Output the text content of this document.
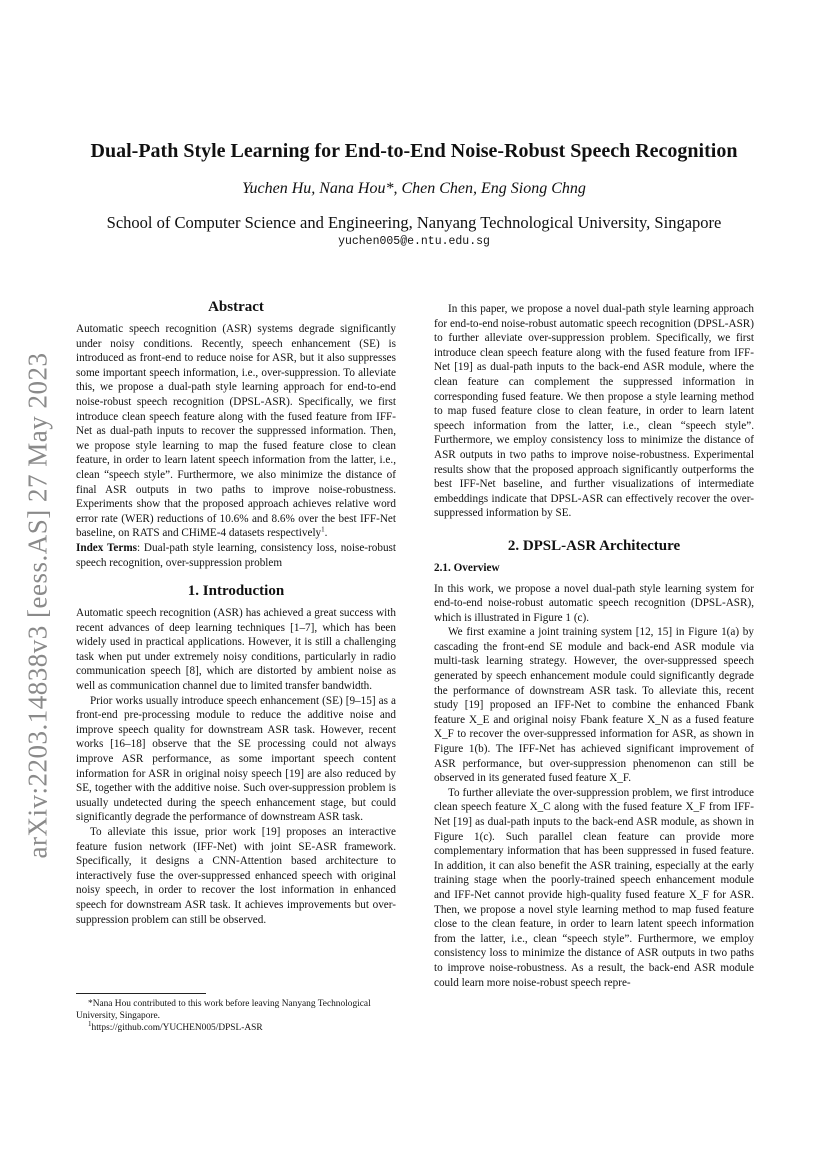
arXiv:2203.14838v3 [eess.AS] 27 May 2023
Dual-Path Style Learning for End-to-End Noise-Robust Speech Recognition
Yuchen Hu, Nana Hou*, Chen Chen, Eng Siong Chng
School of Computer Science and Engineering, Nanyang Technological University, Singapore
yuchen005@e.ntu.edu.sg
Abstract

Automatic speech recognition (ASR) systems degrade significantly under noisy conditions. Recently, speech enhancement (SE) is introduced as front-end to reduce noise for ASR, but it also suppresses some important speech information, i.e., over-suppression. To alleviate this, we propose a dual-path style learning approach for end-to-end noise-robust speech recognition (DPSL-ASR). Specifically, we first introduce clean speech feature along with the fused feature from IFF-Net as dual-path inputs to recover the suppressed information. Then, we propose style learning to map the fused feature close to clean feature, in order to learn latent speech information from the latter, i.e., clean “speech style”. Furthermore, we also minimize the distance of final ASR outputs in two paths to improve noise-robustness. Experiments show that the proposed approach achieves relative word error rate (WER) reductions of 10.6% and 8.6% over the best IFF-Net baseline, on RATS and CHiME-4 datasets respectively$^1$.

Index Terms: Dual-path style learning, consistency loss, noise-robust speech recognition, over-suppression problem

1. Introduction

Automatic speech recognition (ASR) has achieved a great success with recent advances of deep learning techniques [1–7], which has been widely used in practical applications. However, it is still a challenging task when put under extremely noisy conditions, particularly in radio communication speech [8], which are distorted by ambient noise as well as communication channel due to limited transfer bandwidth.

Prior works usually introduce speech enhancement (SE) [9–15] as a front-end pre-processing module to reduce the additive noise and improve speech quality for downstream ASR task. However, recent works [16–18] observe that the SE processing could not always improve ASR performance, as some important speech content information for ASR in original noisy speech [19] are also reduced by SE, together with the additive noise. Such over-suppression problem is usually undetected during the speech enhancement stage, but could significantly degrade the performance of downstream ASR task.

To alleviate this issue, prior work [19] proposes an interactive feature fusion network (IFF-Net) with joint SE-ASR framework. Specifically, it designs a CNN-Attention based architecture to interactively fuse the over-suppressed enhanced speech with original noisy speech, in order to recover the lost information in enhanced speech for downstream ASR task. It achieves improvements but over-suppression problem can still be observed.

*Nana Hou contributed to this work before leaving Nanyang Technological University, Singapore.

$^1$https://github.com/YUCHEN005/DPSL-ASR

In this paper, we propose a novel dual-path style learning approach for end-to-end noise-robust automatic speech recognition (DPSL-ASR) to further alleviate over-suppression problem. Specifically, we first introduce clean speech feature along with the fused feature from IFF-Net [19] as dual-path inputs to the back-end ASR module, where the clean feature can complement the suppressed information in corresponding fused feature. We then propose a style learning method to map fused feature close to clean feature, in order to learn latent speech information from the latter, i.e., clean “speech style”. Furthermore, we employ consistency loss to minimize the distance of ASR outputs in two paths to improve noise-robustness. Experimental results show that the proposed approach significantly outperforms the best IFF-Net baseline, and further visualizations of intermediate embeddings indicate that DPSL-ASR can effectively recover the over-suppressed information by SE.

2. DPSL-ASR Architecture
2.1. Overview

In this work, we propose a novel dual-path style learning system for end-to-end noise-robust automatic speech recognition (DPSL-ASR), which is illustrated in Figure 1 (c).

We first examine a joint training system [12, 15] in Figure 1(a) by cascading the front-end SE module and back-end ASR module via multi-task learning strategy. However, the over-suppressed speech generated by speech enhancement module could significantly degrade the performance of downstream ASR task. To alleviate this, recent study [19] proposed an IFF-Net to combine the enhanced Fbank feature X_E and original noisy Fbank feature X_N as a fused feature X_F to recover the over-suppressed information for ASR, as shown in Figure 1(b). The IFF-Net has achieved significant improvement of ASR performance, but over-suppression phenomenon can still be observed in its generated fused feature X_F.

To further alleviate the over-suppression problem, we first introduce clean speech feature X_C along with the fused feature X_F from IFF-Net [19] as dual-path inputs to the back-end ASR module, as shown in Figure 1(c). Such parallel clean feature can provide more complementary information that has been suppressed in fused feature. In addition, it can also benefit the ASR training, especially at the early training stage when the poorly-trained speech enhancement module and IFF-Net cannot provide high-quality fused feature X_F for ASR. Then, we propose a novel style learning method to map fused feature close to the clean feature, in order to learn latent speech information from the latter, i.e., clean “speech style”. Furthermore, we employ consistency loss to minimize the distance of ASR outputs in two paths to improve noise-robustness. As a result, the back-end ASR module could learn more noise-robust speech repre-
